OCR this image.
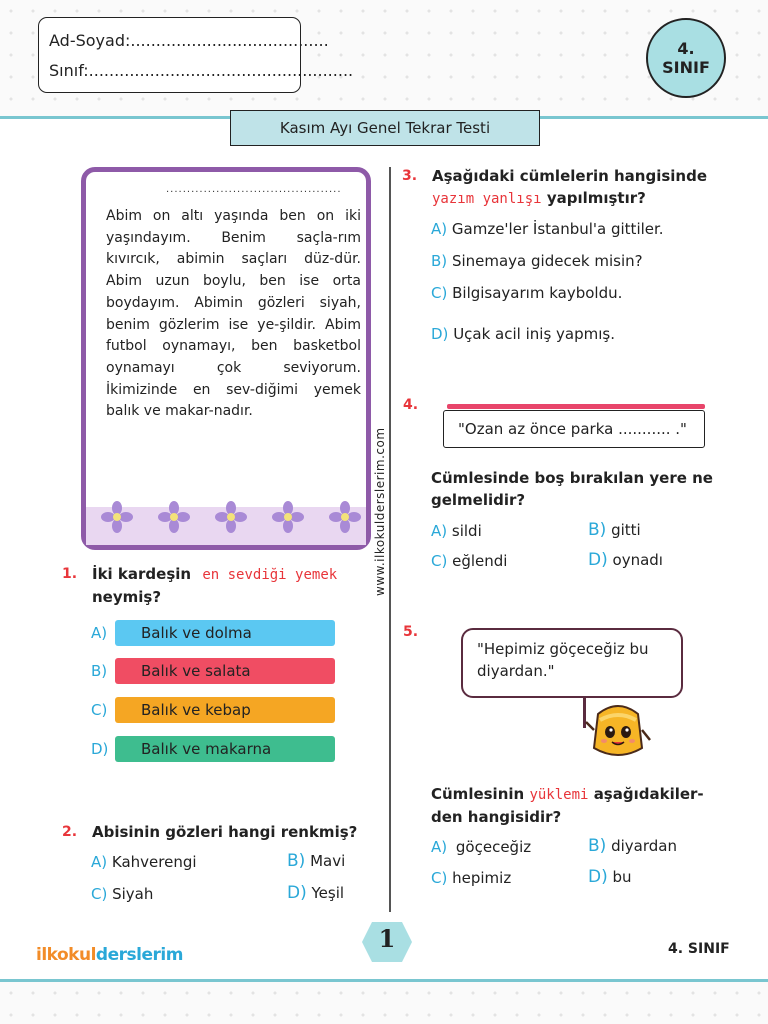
Ad-Soyad:.......................................
Sınıf:....................................................
4.
SINIF
Kasım Ayı Genel Tekrar Testi
..........................................
Abim on altı yaşında ben on iki yaşındayım. Benim saçla-rım kıvırcık, abimin saçları düz-dür. Abim uzun boylu, ben ise orta boydayım. Abimin gözleri siyah, benim gözlerim ise ye-şildir. Abim futbol oynamayı, ben basketbol oynamayı çok seviyorum. İkimizinde en sev-diğimi yemek balık ve makar-nadır.
www.ilkokulderslerim.com
1. İki kardeşin en sevdiği yemek
neymiş?
A)	Balık ve dolma
B)	Balık ve salata
C)	Balık ve kebap
D)	Balık ve makarna
2. Abisinin gözleri hangi renkmiş?
A) Kahverengi	B) Mavi
C) Siyah	D) Yeşil
3. Aşağıdaki cümlelerin hangisinde
yazım yanlışı yapılmıştır?
A) Gamze'ler İstanbul'a gittiler.
B) Sinemaya gidecek misin?
C) Bilgisayarım kayboldu.
D) Uçak acil iniş yapmış.
4.
"Ozan az önce parka ........... ."
Cümlesinde boş bırakılan yere ne gelmelidir?
A) sildi	B) gitti
C) eğlendi	D) oynadı
5.
"Hepimiz göçeceğiz bu diyardan."
Cümlesinin yüklemi aşağıdakiler-
den hangisidir?
A) göçeceğiz	B) diyardan
C) hepimiz	D) bu
ilkokulderslerim
1	4. SINIF
